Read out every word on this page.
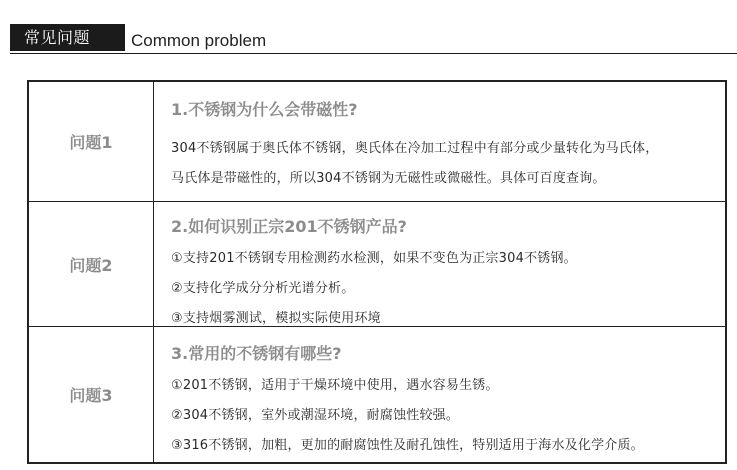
常见问题	Common problem
问题1
1.不锈钢为什么会带磁性?
304不锈钢属于奥氏体不锈钢，奥氏体在冷加工过程中有部分或少量转化为马氏体，
马氏体是带磁性的，所以304不锈钢为无磁性或微磁性。具体可百度查询。
问题2
2.如何识别正宗201不锈钢产品?
①支持201不锈钢专用检测药水检测，如果不变色为正宗304不锈钢。
②支持化学成分分析光谱分析。
③支持烟雾测试，模拟实际使用环境
问题3
3.常用的不锈钢有哪些?
①201不锈钢，适用于干燥环境中使用，遇水容易生锈。
②304不锈钢，室外或潮湿环境，耐腐蚀性较强。
③316不锈钢，加粗，更加的耐腐蚀性及耐孔蚀性，特别适用于海水及化学介质。
